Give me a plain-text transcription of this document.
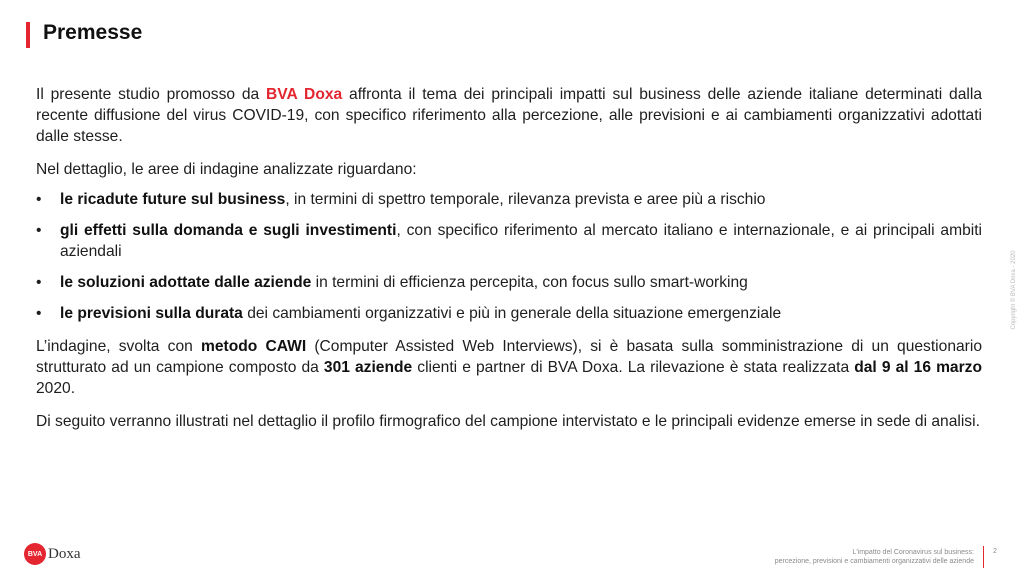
Premesse

Il presente studio promosso da BVA Doxa affronta il tema dei principali impatti sul business delle aziende italiane determinati dalla recente diffusione del virus COVID-19, con specifico riferimento alla percezione, alle previsioni e ai cambiamenti organizzativi adottati dalle stesse.

Nel dettaglio, le aree di indagine analizzate riguardano:

• le ricadute future sul business, in termini di spettro temporale, rilevanza prevista e aree più a rischio
• gli effetti sulla domanda e sugli investimenti, con specifico riferimento al mercato italiano e internazionale, e ai principali ambiti aziendali
• le soluzioni adottate dalle aziende in termini di efficienza percepita, con focus sullo smart-working
• le previsioni sulla durata dei cambiamenti organizzativi e più in generale della situazione emergenziale

L’indagine, svolta con metodo CAWI (Computer Assisted Web Interviews), si è basata sulla somministrazione di un questionario strutturato ad un campione composto da 301 aziende clienti e partner di BVA Doxa. La rilevazione è stata realizzata dal 9 al 16 marzo 2020.

Di seguito verranno illustrati nel dettaglio il profilo firmografico del campione intervistato e le principali evidenze emerse in sede di analisi.

Copyright © BVA Doxa - 2020
BVA Doxa	L'impatto del Coronavirus sul business:
percezione, previsioni e cambiamenti organizzativi delle aziende
2
